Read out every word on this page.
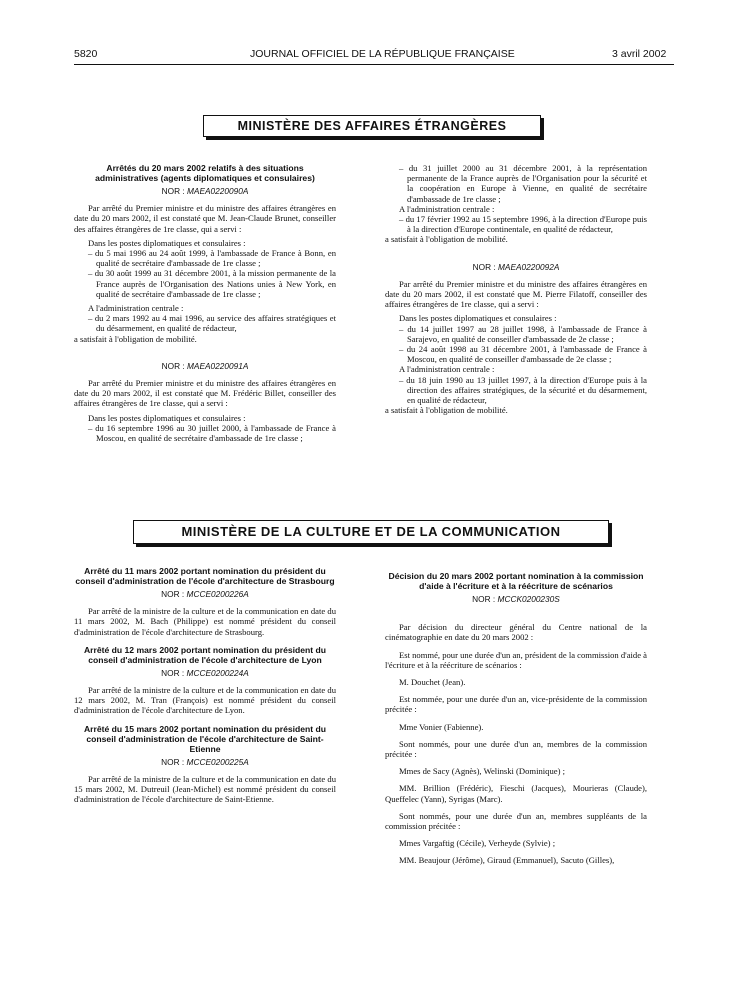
5820	JOURNAL OFFICIEL DE LA RÉPUBLIQUE FRANÇAISE	3 avril 2002
MINISTÈRE DES AFFAIRES ÉTRANGÈRES
Arrêtés du 20 mars 2002 relatifs à des situations administratives (agents diplomatiques et consulaires)
NOR : MAEA0220090A

Par arrêté du Premier ministre et du ministre des affaires étrangères en date du 20 mars 2002, il est constaté que M. Jean-Claude Brunet, conseiller des affaires étrangères de 1re classe, qui a servi :

Dans les postes diplomatiques et consulaires :

– du 5 mai 1996 au 24 août 1999, à l'ambassade de France à Bonn, en qualité de secrétaire d'ambassade de 1re classe ;

– du 30 août 1999 au 31 décembre 2001, à la mission permanente de la France auprès de l'Organisation des Nations unies à New York, en qualité de secrétaire d'ambassade de 1re classe ;

A l'administration centrale :

– du 2 mars 1992 au 4 mai 1996, au service des affaires stratégiques et du désarmement, en qualité de rédacteur,

a satisfait à l'obligation de mobilité.

NOR : MAEA0220091A

Par arrêté du Premier ministre et du ministre des affaires étrangères en date du 20 mars 2002, il est constaté que M. Frédéric Billet, conseiller des affaires étrangères de 1re classe, qui a servi :

Dans les postes diplomatiques et consulaires :

– du 16 septembre 1996 au 30 juillet 2000, à l'ambassade de France à Moscou, en qualité de secrétaire d'ambassade de 1re classe ;

– du 31 juillet 2000 au 31 décembre 2001, à la représentation permanente de la France auprès de l'Organisation pour la sécurité et la coopération en Europe à Vienne, en qualité de secrétaire d'ambassade de 1re classe ;

A l'administration centrale :

– du 17 février 1992 au 15 septembre 1996, à la direction d'Europe puis à la direction d'Europe continentale, en qualité de rédacteur,

a satisfait à l'obligation de mobilité.

NOR : MAEA0220092A

Par arrêté du Premier ministre et du ministre des affaires étrangères en date du 20 mars 2002, il est constaté que M. Pierre Filatoff, conseiller des affaires étrangères de 1re classe, qui a servi :

Dans les postes diplomatiques et consulaires :

– du 14 juillet 1997 au 28 juillet 1998, à l'ambassade de France à Sarajevo, en qualité de conseiller d'ambassade de 2e classe ;

– du 24 août 1998 au 31 décembre 2001, à l'ambassade de France à Moscou, en qualité de conseiller d'ambassade de 2e classe ;

A l'administration centrale :

– du 18 juin 1990 au 13 juillet 1997, à la direction d'Europe puis à la direction des affaires stratégiques, de la sécurité et du désarmement, en qualité de rédacteur,

a satisfait à l'obligation de mobilité.

MINISTÈRE DE LA CULTURE ET DE LA COMMUNICATION
Arrêté du 11 mars 2002 portant nomination du président du conseil d'administration de l'école d'architecture de Strasbourg
NOR : MCCE0200226A

Par arrêté de la ministre de la culture et de la communication en date du 11 mars 2002, M. Bach (Philippe) est nommé président du conseil d'administration de l'école d'architecture de Strasbourg.

Arrêté du 12 mars 2002 portant nomination du président du conseil d'administration de l'école d'architecture de Lyon
NOR : MCCE0200224A

Par arrêté de la ministre de la culture et de la communication en date du 12 mars 2002, M. Tran (François) est nommé président du conseil d'administration de l'école d'architecture de Lyon.

Arrêté du 15 mars 2002 portant nomination du président du conseil d'administration de l'école d'architecture de Saint-Etienne
NOR : MCCE0200225A

Par arrêté de la ministre de la culture et de la communication en date du 15 mars 2002, M. Dutreuil (Jean-Michel) est nommé président du conseil d'administration de l'école d'architecture de Saint-Etienne.

Décision du 20 mars 2002 portant nomination à la commission d'aide à l'écriture et à la réécriture de scénarios
NOR : MCCK0200230S

Par décision du directeur général du Centre national de la cinématographie en date du 20 mars 2002 :

Est nommé, pour une durée d'un an, président de la commission d'aide à l'écriture et à la réécriture de scénarios :

M. Douchet (Jean).

Est nommée, pour une durée d'un an, vice-présidente de la commission précitée :

Mme Vonier (Fabienne).

Sont nommés, pour une durée d'un an, membres de la commission précitée :

Mmes de Sacy (Agnès), Welinski (Dominique) ;

MM. Brillion (Frédéric), Fieschi (Jacques), Mourieras (Claude), Queffelec (Yann), Syrigas (Marc).

Sont nommés, pour une durée d'un an, membres suppléants de la commission précitée :

Mmes Vargaftig (Cécile), Verheyde (Sylvie) ;

MM. Beaujour (Jérôme), Giraud (Emmanuel), Sacuto (Gilles),
